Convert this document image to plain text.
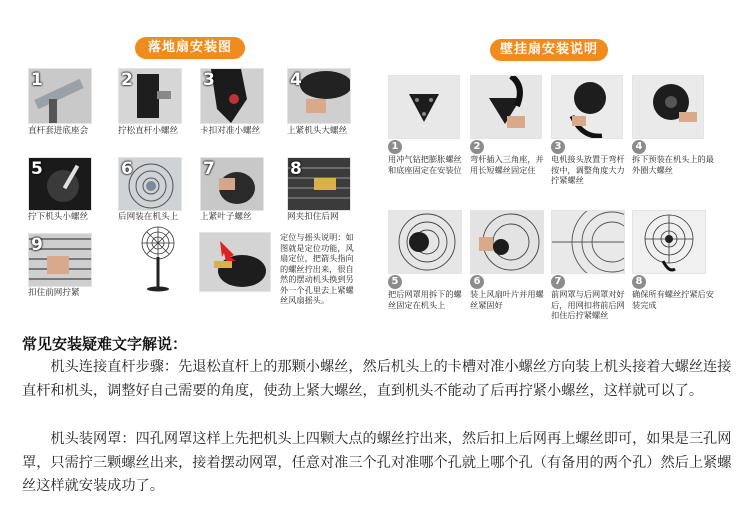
落地扇安装图
1
直杆套进底座会
2
拧松直杆小螺丝
3
卡扣对准小螺丝
4
上紧机头大螺丝
5
拧下机头小螺丝
6
后网装在机头上
7
上紧叶子螺丝
8
网夹扣住后网
9
扣住前网拧紧
定位与摇头说明：如图就是定位功能，风扇定位，把箭头指向的螺丝拧出来，很自然的摆动机头换到另外一个孔里去上紧螺丝风扇摇头。
壁挂扇安装说明
1
用冲气钻把膨胀螺丝和底座固定在安装位
2
弯杆插入三角座，并用长短螺丝固定住
3
电机接头放置于弯杆按中，调整角度大力拧紧螺丝
4
拆下预装在机头上的最外圈大螺丝
5
把后网罩用拆下的螺丝固定在机头上
6
装上风扇叶片并用螺丝紧固好
7
前网罩与后网罩对好后，用网扣将前后网扣住后拧紧螺丝
8
确保所有螺丝拧紧后安装完成
常见安装疑难文字解说：
机头连接直杆步骤：先退松直杆上的那颗小螺丝，然后机头上的卡槽对准小螺丝方向装上机头接着大螺丝连接直杆和机头，调整好自己需要的角度，使劲上紧大螺丝，直到机头不能动了后再拧紧小螺丝，这样就可以了。
机头装网罩：四孔网罩这样上先把机头上四颗大点的螺丝拧出来，然后扣上后网再上螺丝即可，如果是三孔网罩，只需拧三颗螺丝出来，接着摆动网罩，任意对准三个孔对准哪个孔就上哪个孔（有备用的两个孔）然后上紧螺丝这样就安装成功了。
